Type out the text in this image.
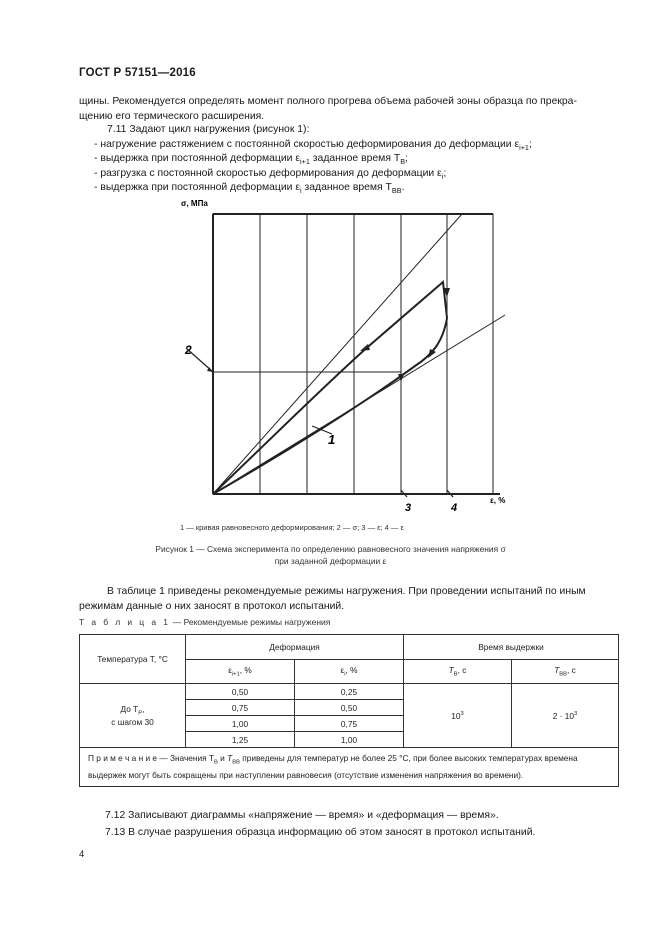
ГОСТ Р 57151—2016
щины. Рекомендуется определять момент полного прогрева объема рабочей зоны образца по прекра-
щению его термического расширения.
7.11 Задают цикл нагружения (рисунок 1):
- нагружение растяжением с постоянной скоростью деформирования до деформации $\varepsilon_{i+1}$;
- выдержка при постоянной деформации $\varepsilon_{i+1}$ заданное время $T_В$;
- разгрузка с постоянной скоростью деформирования до деформации $\varepsilon_i$;
- выдержка при постоянной деформации $\varepsilon_i$ заданное время $T_{ВВ}$.
σ, МПа
ε, %
2
1
3	4
1 — кривая равновесного деформирования; 2 — σ; 3 — ε; 4 — ε
Рисунок 1 — Схема эксперимента по определению равновесного значения напряжения σ
при заданной деформации ε
В таблице 1 приведены рекомендуемые режимы нагружения. При проведении испытаний по иным режимам данные о них заносят в протокол испытаний.
Т а б л и ц а 1 — Рекомендуемые режимы нагружения
Температура T, °C	Деформация		Время выдержки	
	$\varepsilon_{i+1}$, %	$\varepsilon_i$, %	$T_В$, с	$T_{ВВ}$, с

До $T_Р$,
с шагом 30	0,50	0,25	$10^3$	$2 \cdot 10^3$
	0,75	0,50		
	1,00	0,75		
	1,25	1,00		
П р и м е ч а н и е — Значения $T_В$ и $T_{ВВ}$ приведены для температур не более 25 °C, при более высоких температурах времена выдержек могут быть сокращены при наступлении равновесия (отсутствие изменения напряжения во времени).				
7.12 Записывают диаграммы «напряжение — время» и «деформация — время».
7.13 В случае разрушения образца информацию об этом заносят в протокол испытаний.
4
